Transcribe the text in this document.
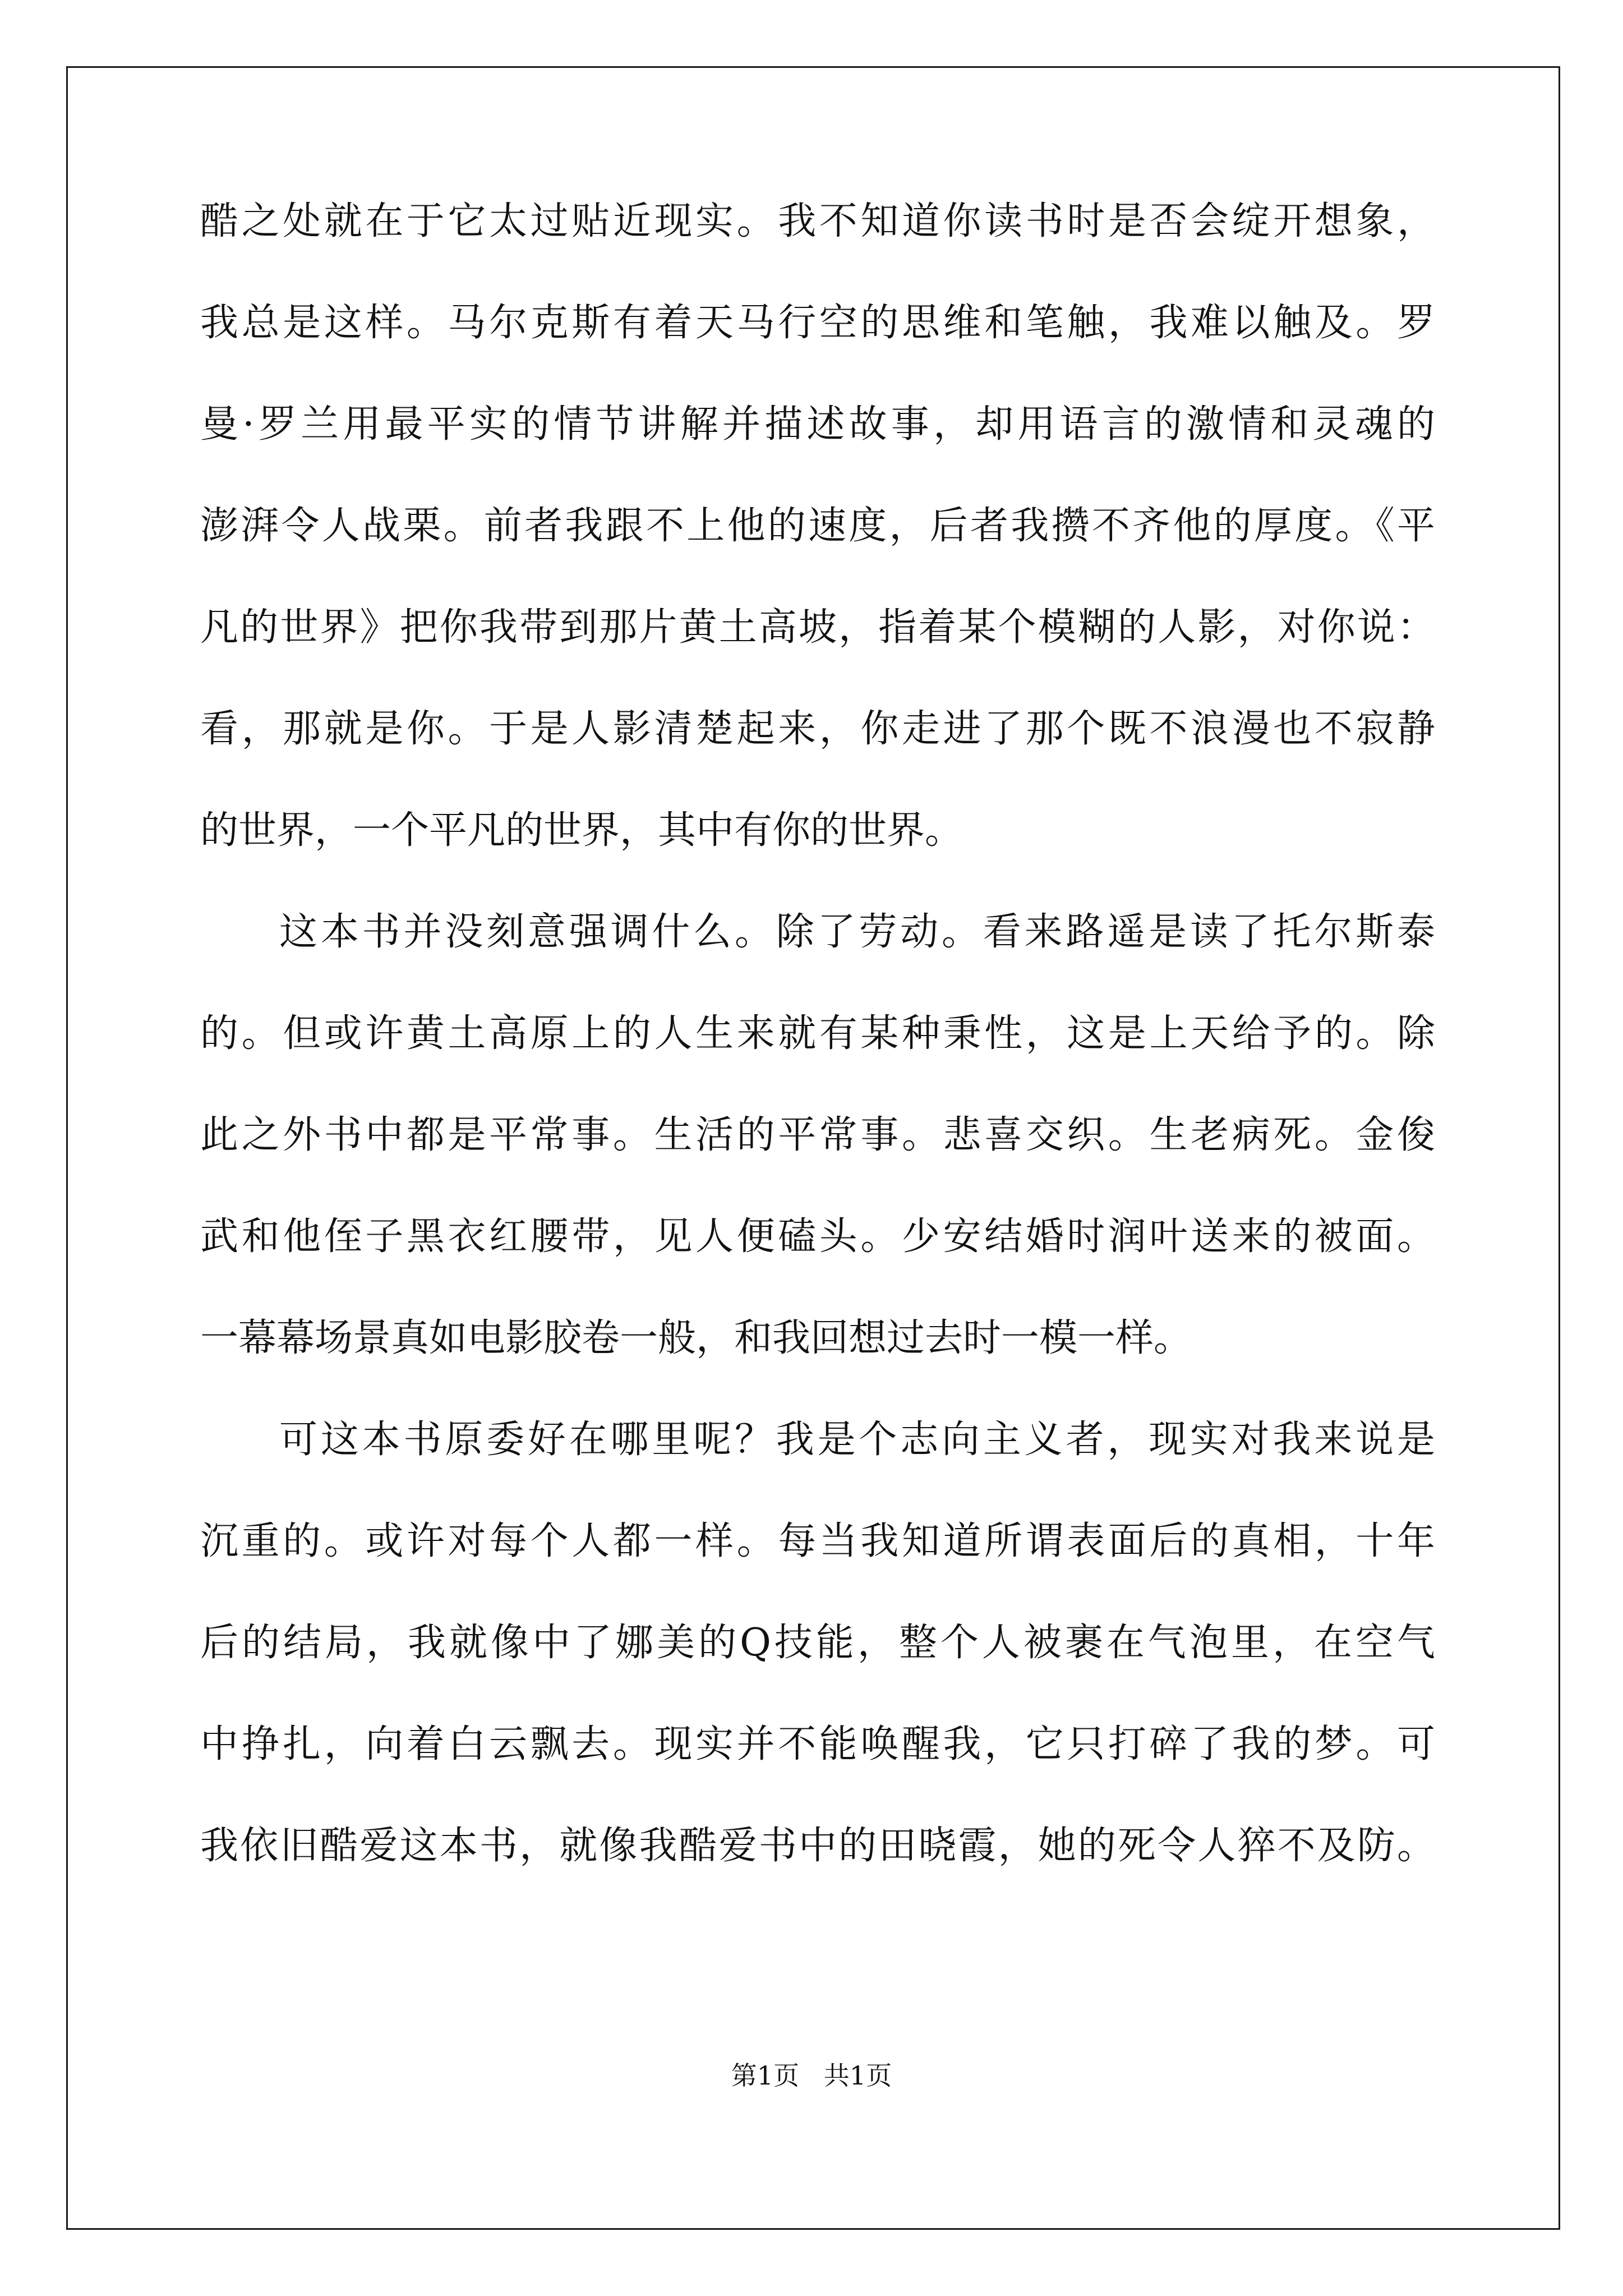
酷之处就在于它太过贴近现实。我不知道你读书时是否会绽开想象，
我总是这样。马尔克斯有着天马行空的思维和笔触，我难以触及。罗
曼·罗兰用最平实的情节讲解并描述故事，却用语言的激情和灵魂的
澎湃令人战栗。前者我跟不上他的速度，后者我攒不齐他的厚度。《平
凡的世界》把你我带到那片黄土高坡，指着某个模糊的人影，对你说：
看，那就是你。于是人影清楚起来，你走进了那个既不浪漫也不寂静
的世界，一个平凡的世界，其中有你的世界。
这本书并没刻意强调什么。除了劳动。看来路遥是读了托尔斯泰
的。但或许黄土高原上的人生来就有某种秉性，这是上天给予的。除
此之外书中都是平常事。生活的平常事。悲喜交织。生老病死。金俊
武和他侄子黑衣红腰带，见人便磕头。少安结婚时润叶送来的被面。
一幕幕场景真如电影胶卷一般，和我回想过去时一模一样。
可这本书原委好在哪里呢？我是个志向主义者，现实对我来说是
沉重的。或许对每个人都一样。每当我知道所谓表面后的真相，十年
后的结局，我就像中了娜美的Q技能，整个人被裹在气泡里，在空气
中挣扎，向着白云飘去。现实并不能唤醒我，它只打碎了我的梦。可
我依旧酷爱这本书，就像我酷爱书中的田晓霞，她的死令人猝不及防。
第1页   共1页
